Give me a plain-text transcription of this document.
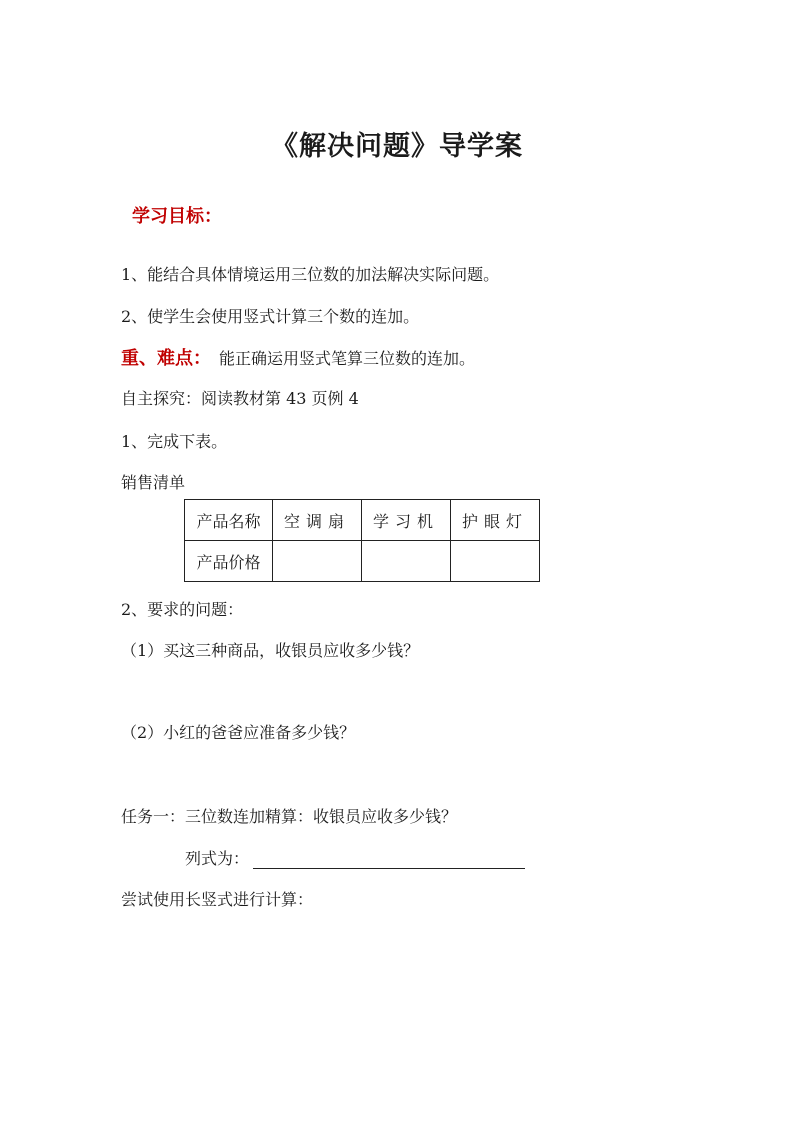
《解决问题》导学案
学习目标：
1、能结合具体情境运用三位数的加法解决实际问题。
2、使学生会使用竖式计算三个数的连加。
重、难点： 能正确运用竖式笔算三位数的连加。
自主探究：阅读教材第 43 页例 4
1、完成下表。
销售清单
产品名称	空调扇	学习机	护眼灯
产品价格			
2、要求的问题：
（1）买这三种商品，收银员应收多少钱？
（2）小红的爸爸应准备多少钱？
任务一：三位数连加精算：收银员应收多少钱？
列式为：
尝试使用长竖式进行计算：
